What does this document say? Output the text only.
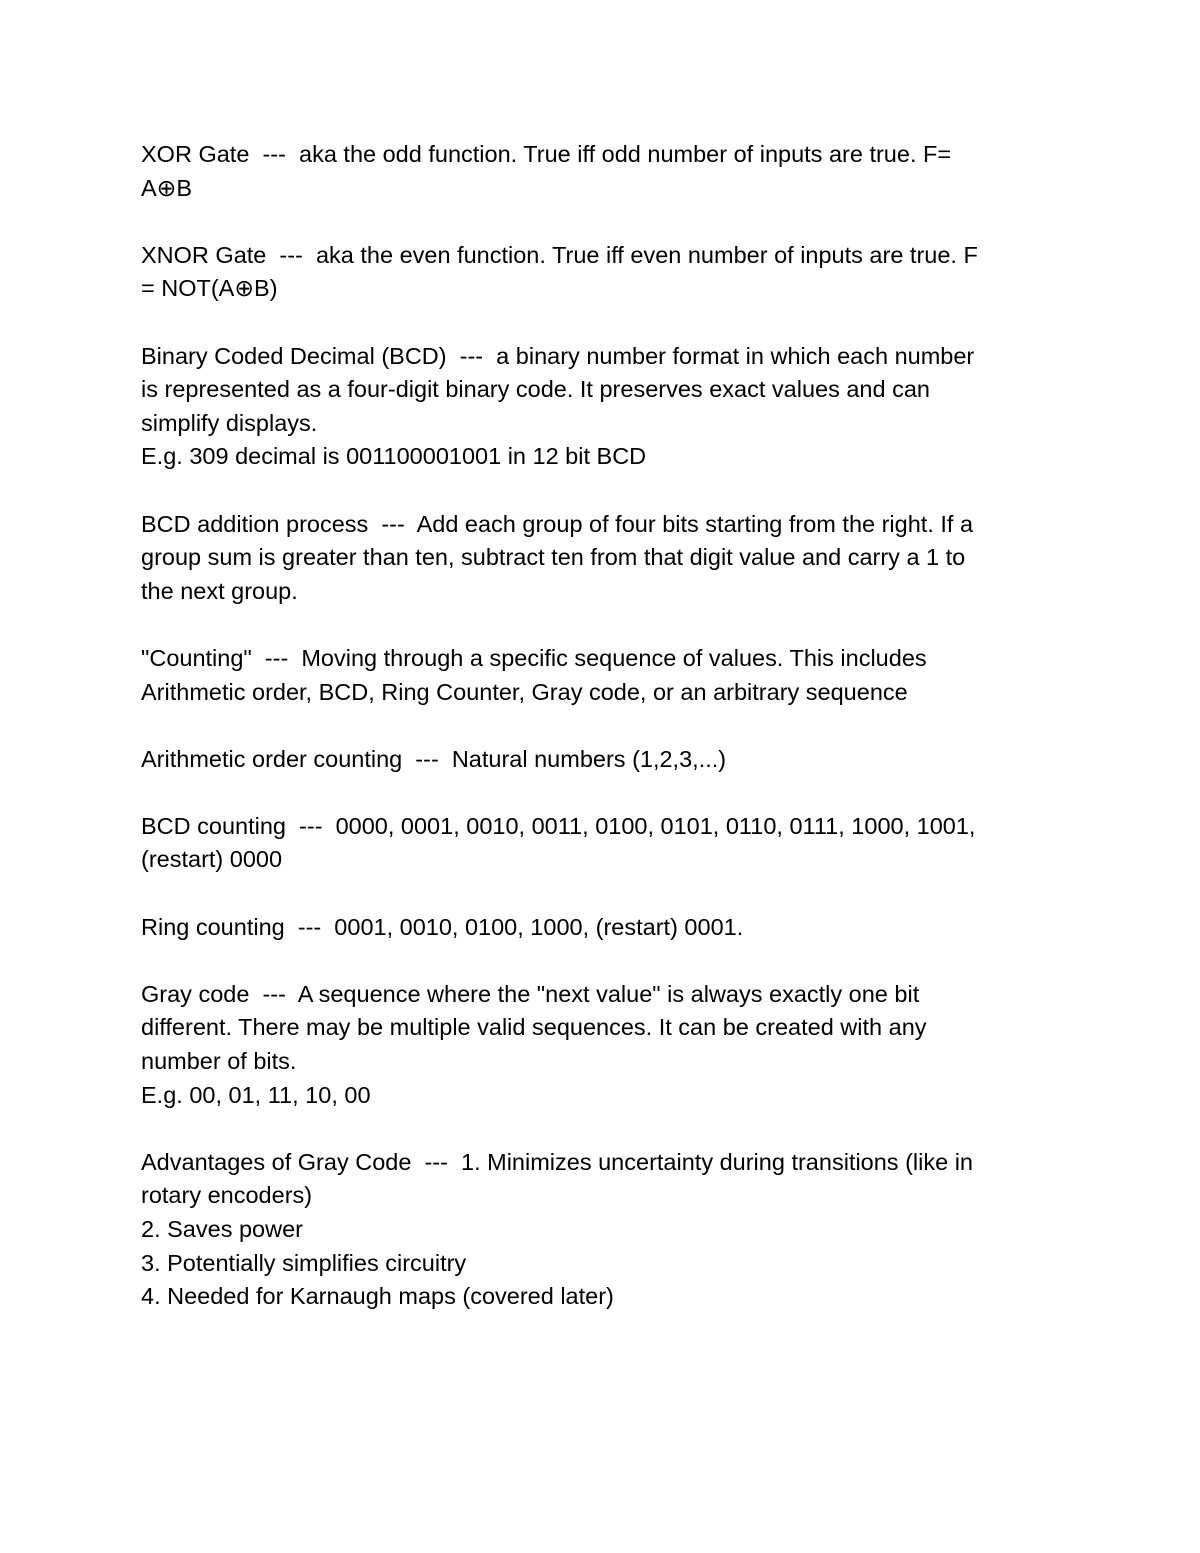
XOR Gate  ---  aka the odd function. True iff odd number of inputs are true. F=
A⊕B
XNOR Gate  ---  aka the even function. True iff even number of inputs are true. F
= NOT(A⊕B)
Binary Coded Decimal (BCD)  ---  a binary number format in which each number
is represented as a four-digit binary code. It preserves exact values and can
simplify displays.
E.g. 309 decimal is 001100001001 in 12 bit BCD
BCD addition process  ---  Add each group of four bits starting from the right. If a
group sum is greater than ten, subtract ten from that digit value and carry a 1 to
the next group.
"Counting"  ---  Moving through a specific sequence of values. This includes
Arithmetic order, BCD, Ring Counter, Gray code, or an arbitrary sequence
Arithmetic order counting  ---  Natural numbers (1,2,3,...)
BCD counting  ---  0000, 0001, 0010, 0011, 0100, 0101, 0110, 0111, 1000, 1001,
(restart) 0000
Ring counting  ---  0001, 0010, 0100, 1000, (restart) 0001.
Gray code  ---  A sequence where the "next value" is always exactly one bit
different. There may be multiple valid sequences. It can be created with any
number of bits.
E.g. 00, 01, 11, 10, 00
Advantages of Gray Code  ---  1. Minimizes uncertainty during transitions (like in
rotary encoders)
2. Saves power
3. Potentially simplifies circuitry
4. Needed for Karnaugh maps (covered later)
